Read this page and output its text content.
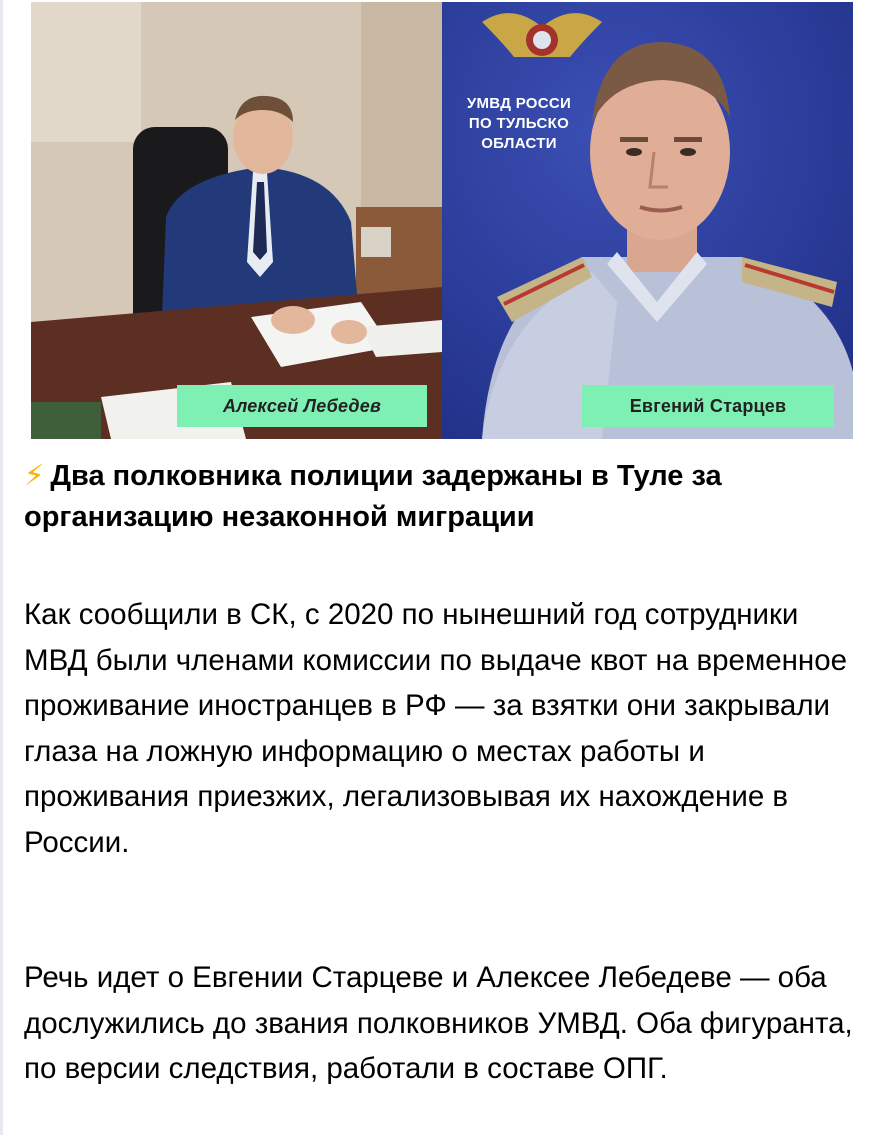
Алексей Лебедев
УМВД РОССИ
ПО ТУЛЬСКО
ОБЛАСТИ
Евгений Старцев
⚡ Два полковника полиции задержаны в Туле за организацию незаконной миграции
Как сообщили в СК, с 2020 по нынешний год сотрудники МВД были членами комиссии по выдаче квот на временное проживание иностранцев в РФ — за взятки они закрывали глаза на ложную информацию о местах работы и проживания приезжих, легализовывая их нахождение в России.
Речь идет о Евгении Старцеве и Алексее Лебедеве — оба дослужились до звания полковников УМВД. Оба фигуранта, по версии следствия, работали в составе ОПГ.
